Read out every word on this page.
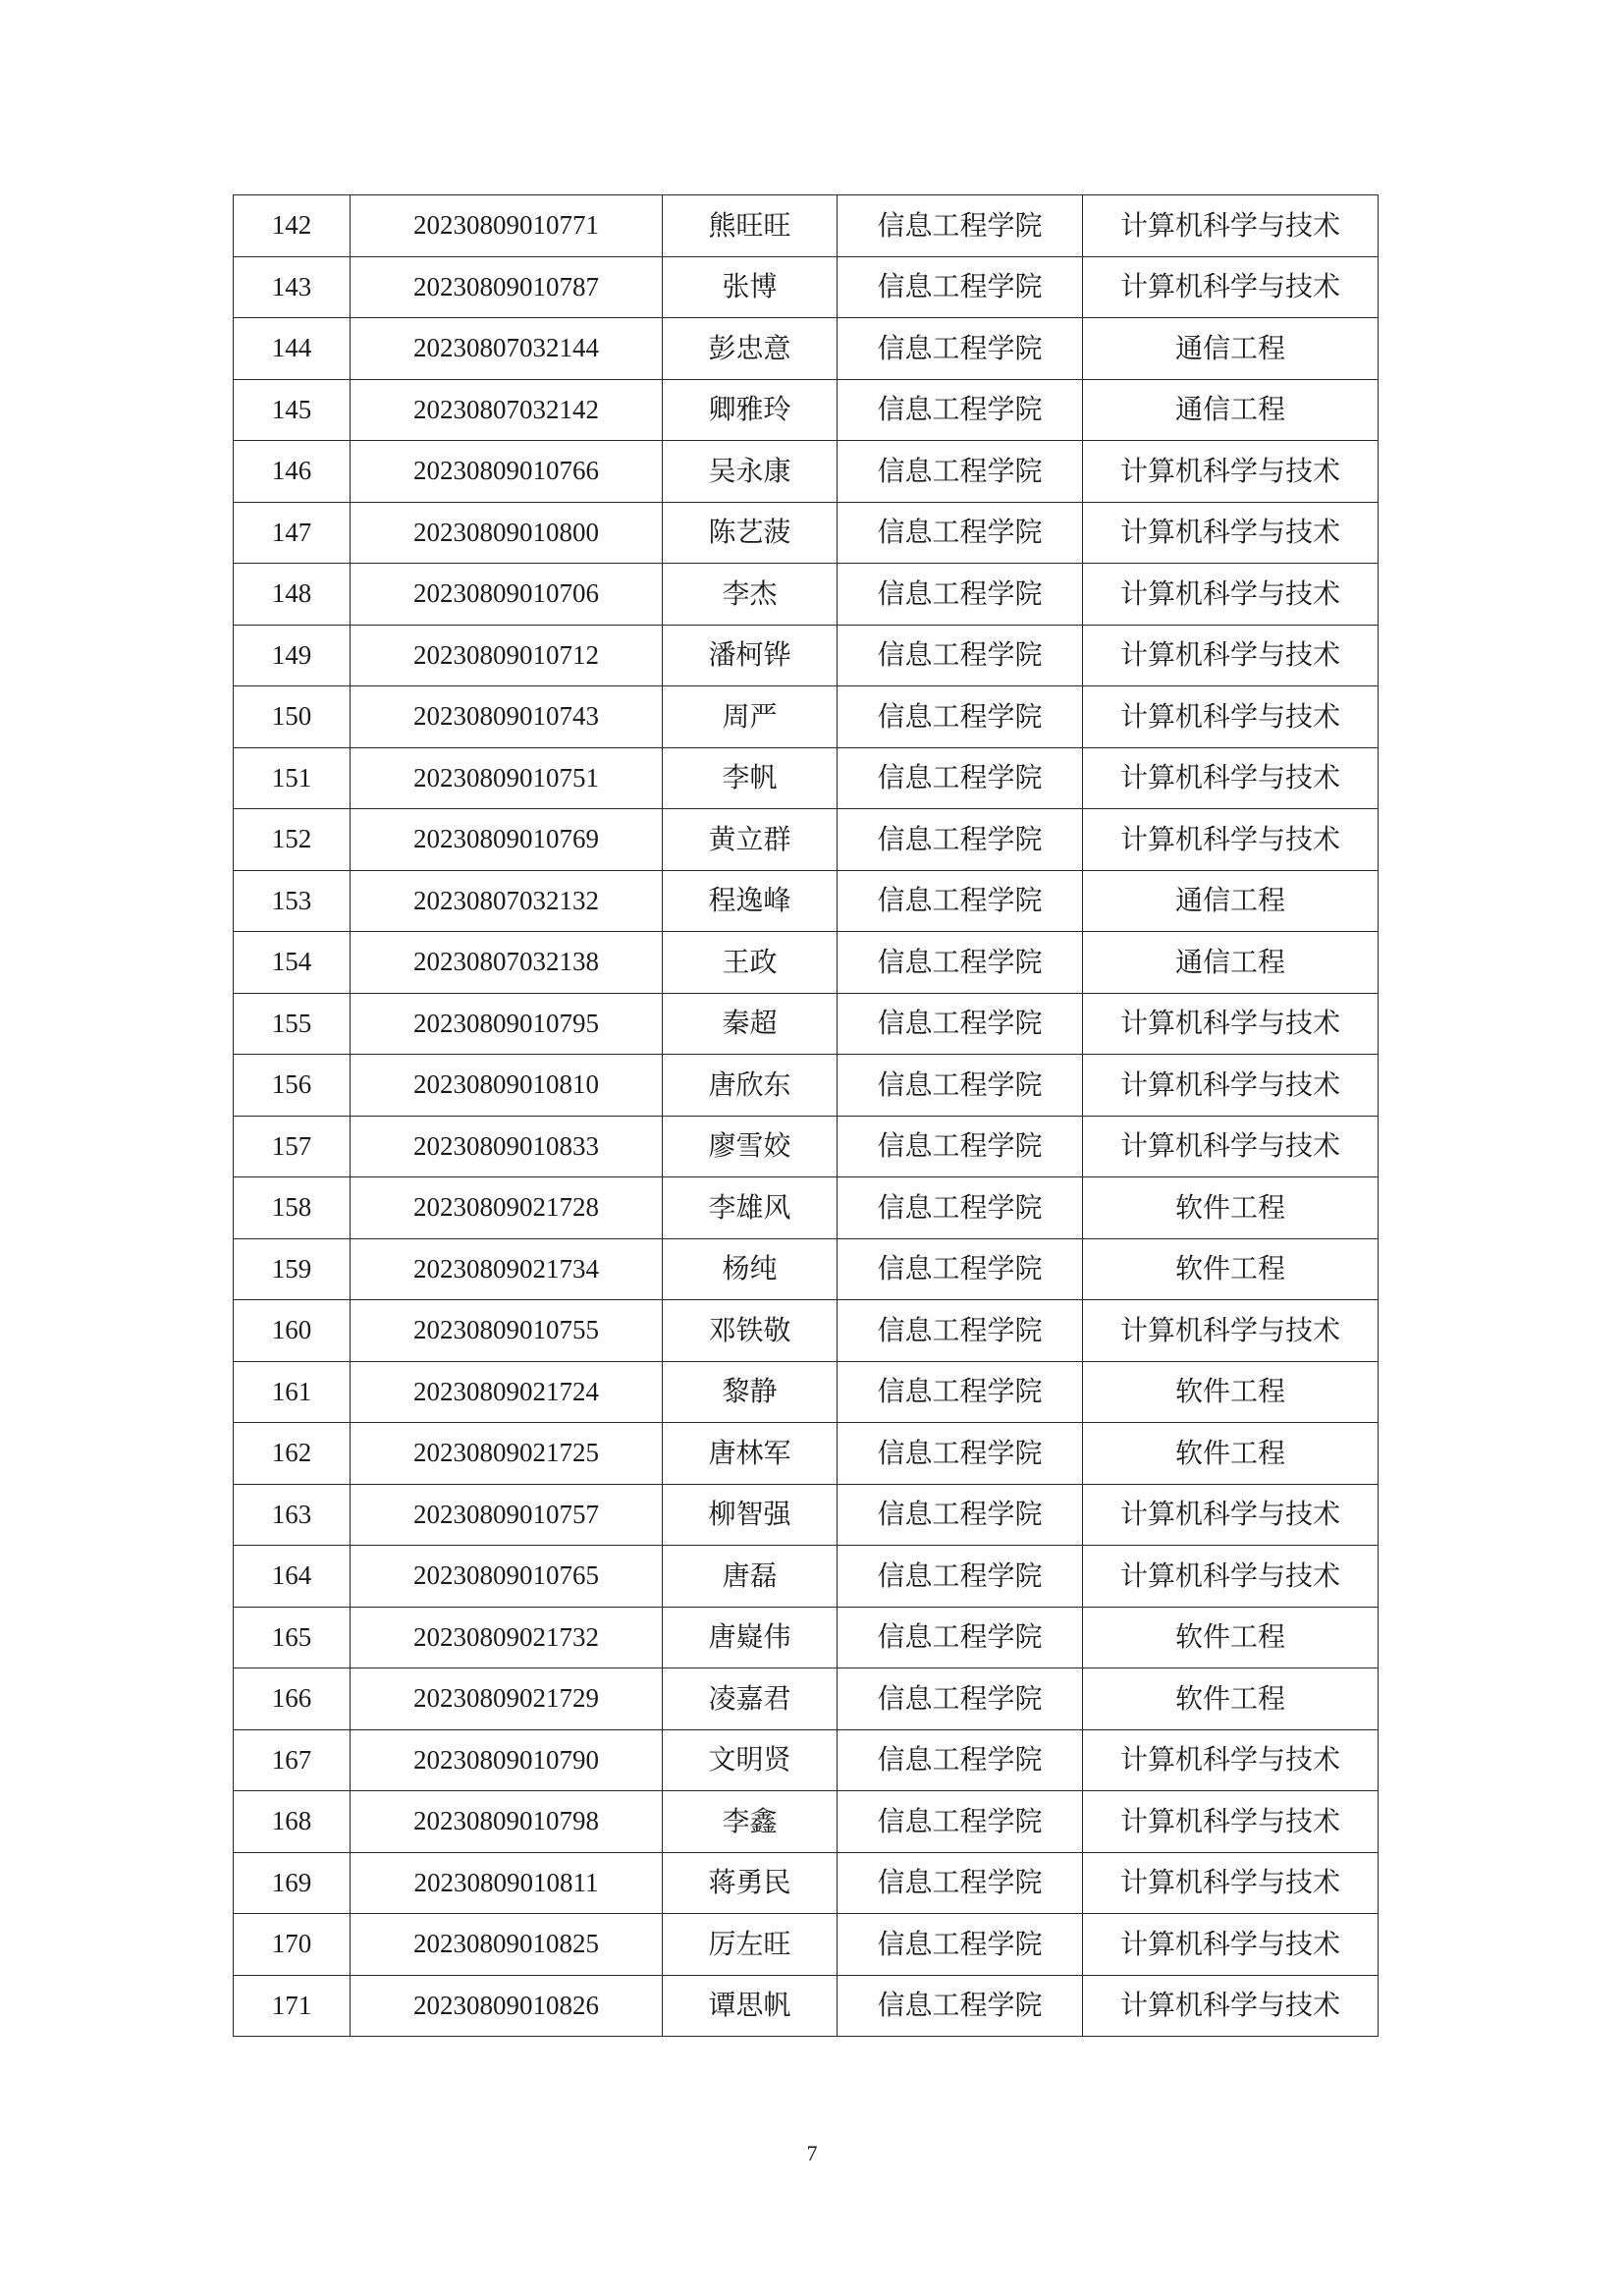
142	20230809010771	熊旺旺	信息工程学院	计算机科学与技术
143	20230809010787	张博	信息工程学院	计算机科学与技术
144	20230807032144	彭忠意	信息工程学院	通信工程
145	20230807032142	卿雅玲	信息工程学院	通信工程
146	20230809010766	吴永康	信息工程学院	计算机科学与技术
147	20230809010800	陈艺菠	信息工程学院	计算机科学与技术
148	20230809010706	李杰	信息工程学院	计算机科学与技术
149	20230809010712	潘柯铧	信息工程学院	计算机科学与技术
150	20230809010743	周严	信息工程学院	计算机科学与技术
151	20230809010751	李帆	信息工程学院	计算机科学与技术
152	20230809010769	黄立群	信息工程学院	计算机科学与技术
153	20230807032132	程逸峰	信息工程学院	通信工程
154	20230807032138	王政	信息工程学院	通信工程
155	20230809010795	秦超	信息工程学院	计算机科学与技术
156	20230809010810	唐欣东	信息工程学院	计算机科学与技术
157	20230809010833	廖雪姣	信息工程学院	计算机科学与技术
158	20230809021728	李雄风	信息工程学院	软件工程
159	20230809021734	杨纯	信息工程学院	软件工程
160	20230809010755	邓铁敬	信息工程学院	计算机科学与技术
161	20230809021724	黎静	信息工程学院	软件工程
162	20230809021725	唐林军	信息工程学院	软件工程
163	20230809010757	柳智强	信息工程学院	计算机科学与技术
164	20230809010765	唐磊	信息工程学院	计算机科学与技术
165	20230809021732	唐嶷伟	信息工程学院	软件工程
166	20230809021729	凌嘉君	信息工程学院	软件工程
167	20230809010790	文明贤	信息工程学院	计算机科学与技术
168	20230809010798	李鑫	信息工程学院	计算机科学与技术
169	20230809010811	蒋勇民	信息工程学院	计算机科学与技术
170	20230809010825	厉左旺	信息工程学院	计算机科学与技术
171	20230809010826	谭思帆	信息工程学院	计算机科学与技术
7
